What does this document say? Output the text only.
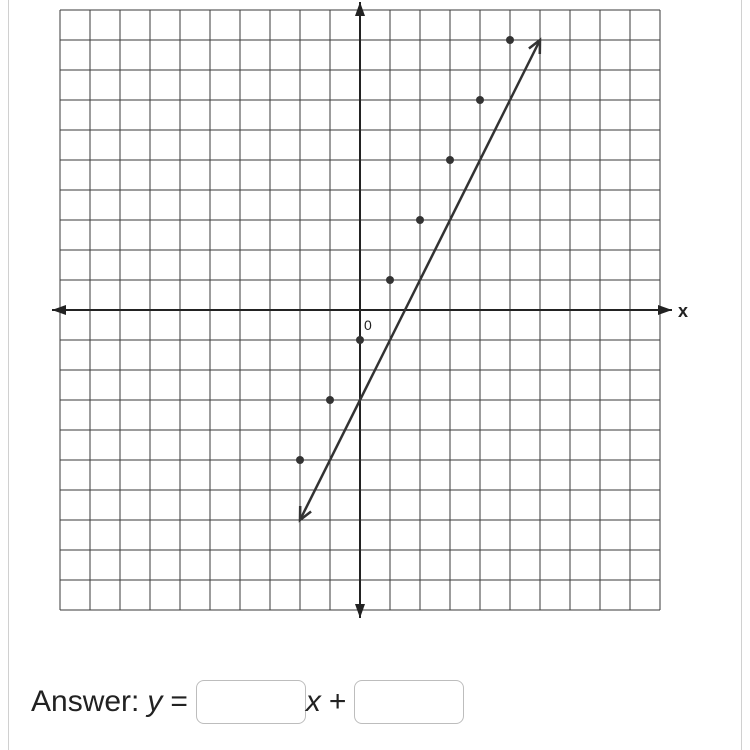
x
0
Answer: y =	x +
